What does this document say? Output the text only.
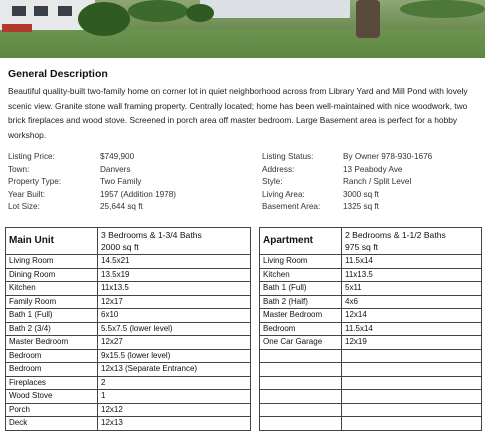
General Description

Beautiful quality-built two-family home on corner lot in quiet neighborhood across from Library Yard and Mill Pond with lovely scenic view. Granite stone wall framing property. Centrally located; home has been well-maintained with nice woodwork, two brick fireplaces and wood stove. Screened in porch area off master bedroom. Large Basement area is perfect for a hobby workshop.

Listing Price:	$749,900
Town:	Danvers
Property Type:	Two Family
Year Built:	1957 (Addition 1978)
Lot Size:	25,644 sq ft
Listing Status:	By Owner 978-930-1676
Address:	13 Peabody Ave
Style:	Ranch / Split Level
Living Area:	3000 sq ft
Basement Area:	1325 sq ft
Main Unit	3 Bedrooms & 1-3/4 Baths
2000 sq ft

Living Room	14.5x21
Dining Room	13.5x19
Kitchen	11x13.5
Family Room	12x17
Bath 1 (Full)	6x10
Bath 2 (3/4)	5.5x7.5 (lower level)
Master Bedroom	12x27
Bedroom	9x15.5 (lower level)
Bedroom	12x13 (Separate Entrance)
Fireplaces	2
Wood Stove	1
Porch	12x12
Deck	12x13
Apartment	2 Bedrooms & 1-1/2 Baths
975 sq ft

Living Room	11.5x14
Kitchen	11x13.5
Bath 1 (Full)	5x11
Bath 2 (Half)	4x6
Master Bedroom	12x14
Bedroom	11.5x14
One Car Garage	12x19
